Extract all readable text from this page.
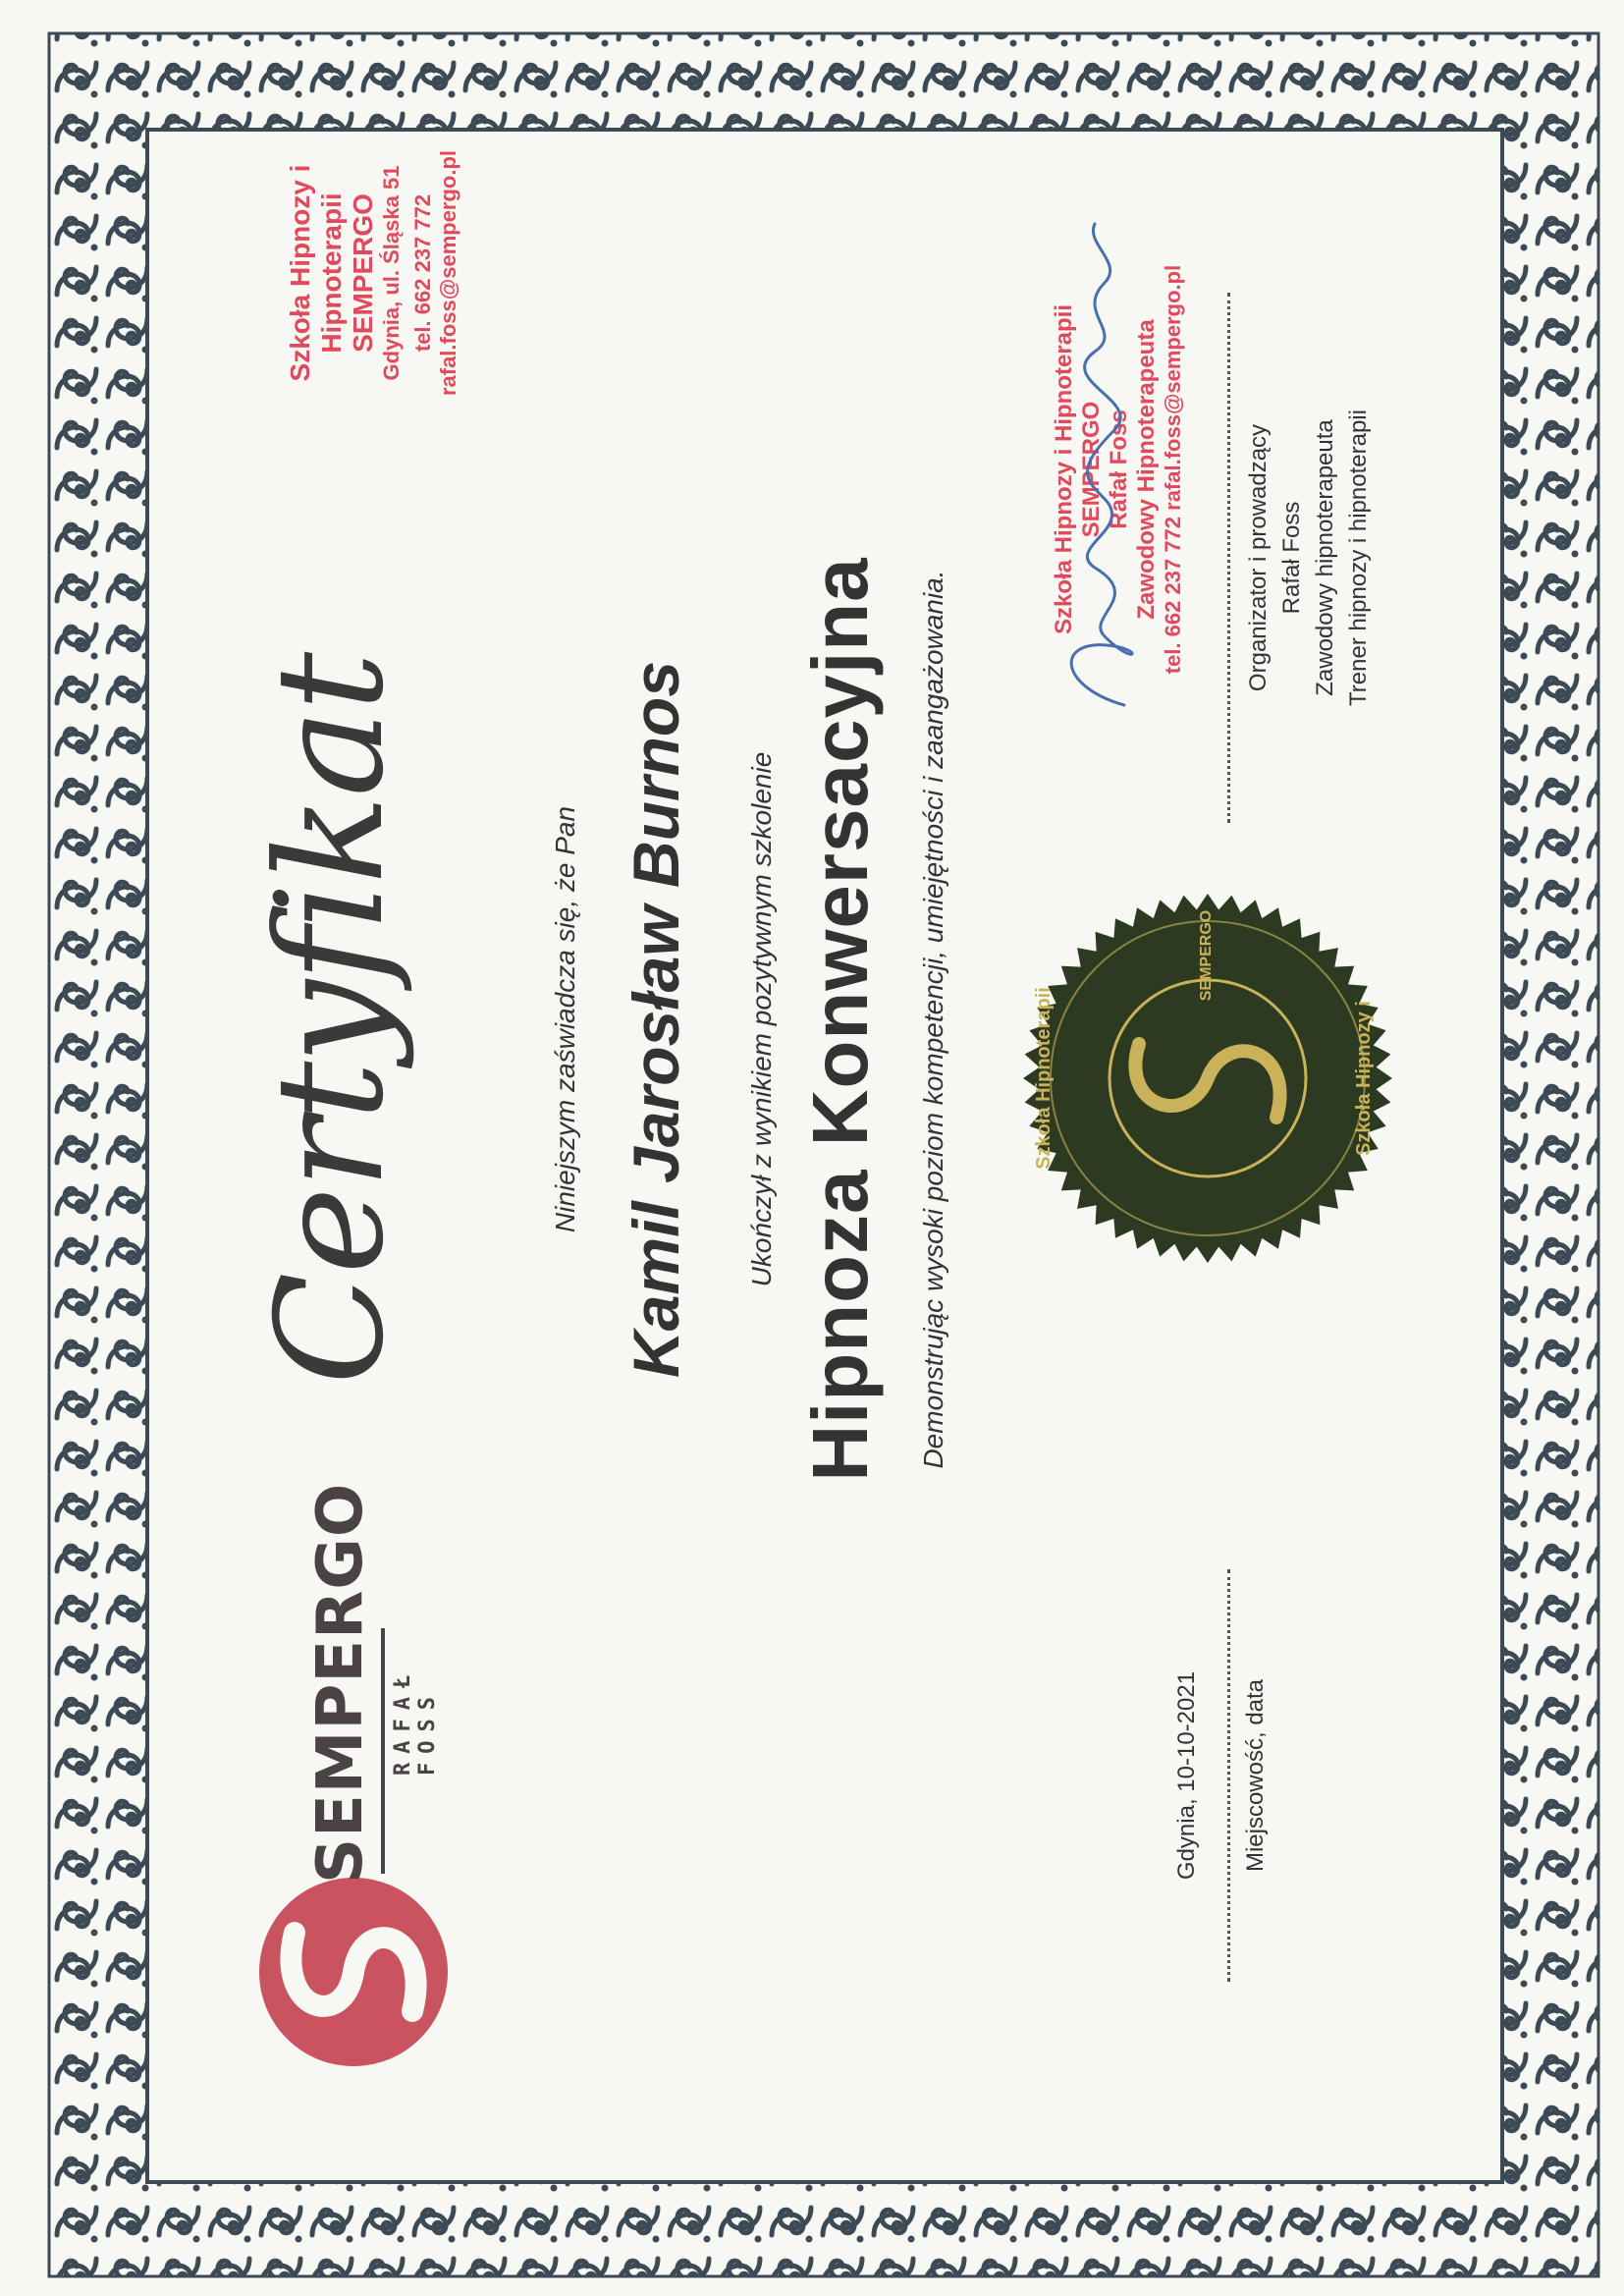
SEMPERGO RAFAŁ FOSS
Szkoła Hipnozy i Hipnoterapii SEMPERGO Gdynia, ul. Śląska 51 tel. 662 237 772 rafal.foss@sempergo.pl
Certyfikat	Niniejszym zaświadcza się, że Pan Kamil Jarosław Burnos Ukończył z wynikiem pozytywnym szkolenie Hipnoza Konwersacyjna Demonstrując wysoki poziom kompetencji, umiejętności i zaangażowania.	Szkoła Hipnoterapii	Szkoła Hipnozy i
SEMPERGO
Szkoła Hipnozy i Hipnoterapii SEMPERGO Rafał Foss Zawodowy Hipnoterapeuta tel. 662 237 772 rafal.foss@sempergo.pl
Gdynia, 10-10-2021 Miejscowość, data
Organizator i prowadzący Rafał Foss Zawodowy hipnoterapeuta Trener hipnozy i hipnoterapii
